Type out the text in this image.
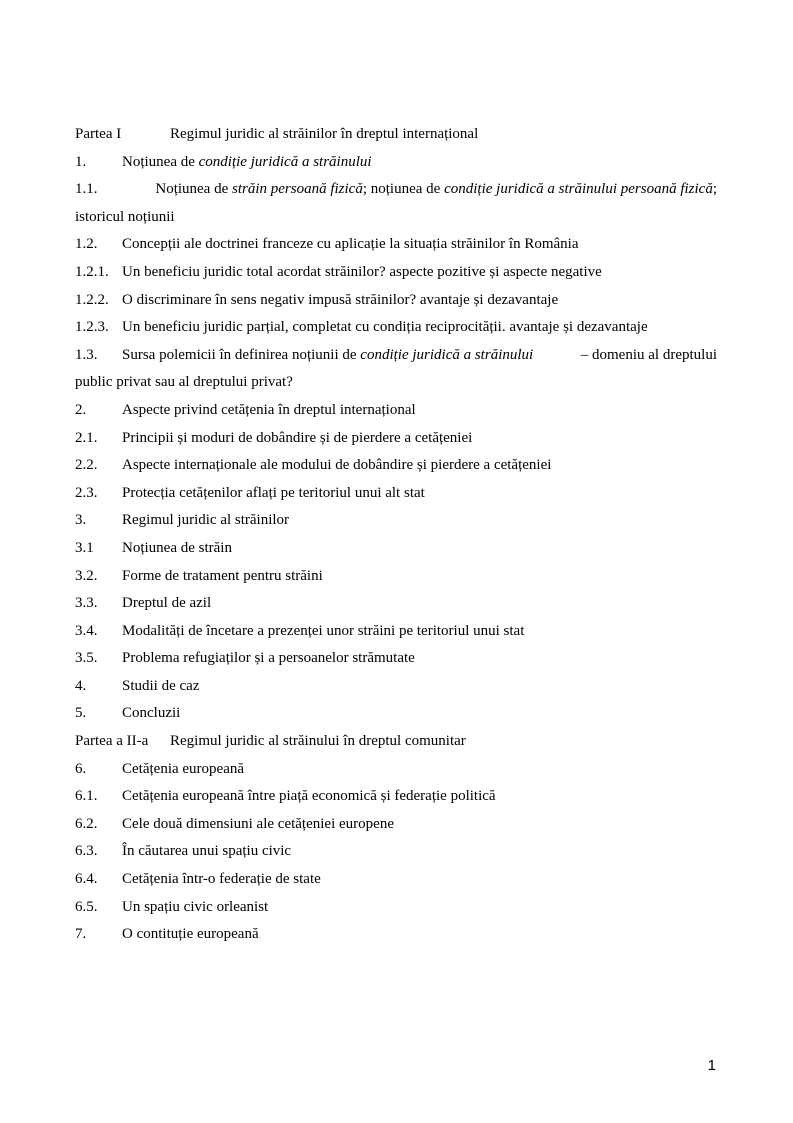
Partea I	Regimul juridic al străinilor în dreptul internațional
1. Noțiunea de condiție juridică a străinului
1.1.	Noțiunea de străin persoană fizică; noțiunea de condiție juridică a străinului persoană fizică;
istoricul noțiunii
1.2. Concepții ale doctrinei franceze cu aplicație la situația străinilor în România
1.2.1. Un beneficiu juridic total acordat străinilor? aspecte pozitive și aspecte negative
1.2.2. O discriminare în sens negativ impusă străinilor? avantaje și dezavantaje
1.2.3. Un beneficiu juridic parțial, completat cu condiția reciprocității. avantaje și dezavantaje
1.3. Sursa polemicii în definirea noțiunii de condiție juridică a străinului	– domeniu al dreptului
public privat sau al dreptului privat?
2. Aspecte privind cetățenia în dreptul internațional
2.1. Principii și moduri de dobândire și de pierdere a cetățeniei
2.2. Aspecte internaționale ale modului de dobândire și pierdere a cetățeniei
2.3. Protecția cetățenilor aflați pe teritoriul unui alt stat
3. Regimul juridic al străinilor
3.1 Noțiunea de străin
3.2. Forme de tratament pentru străini
3.3. Dreptul de azil
3.4. Modalități de încetare a prezenței unor străini pe teritoriul unui stat
3.5. Problema refugiaților și a persoanelor strămutate
4. Studii de caz
5. Concluzii
Partea a II-a Regimul juridic al străinului în dreptul comunitar
6. Cetățenia europeană
6.1. Cetățenia europeană între piață economică și federație politică
6.2. Cele două dimensiuni ale cetățeniei europene
6.3. În căutarea unui spațiu civic
6.4. Cetățenia într-o federație de state
6.5. Un spațiu civic orleanist
7. O contituție europeană
1
